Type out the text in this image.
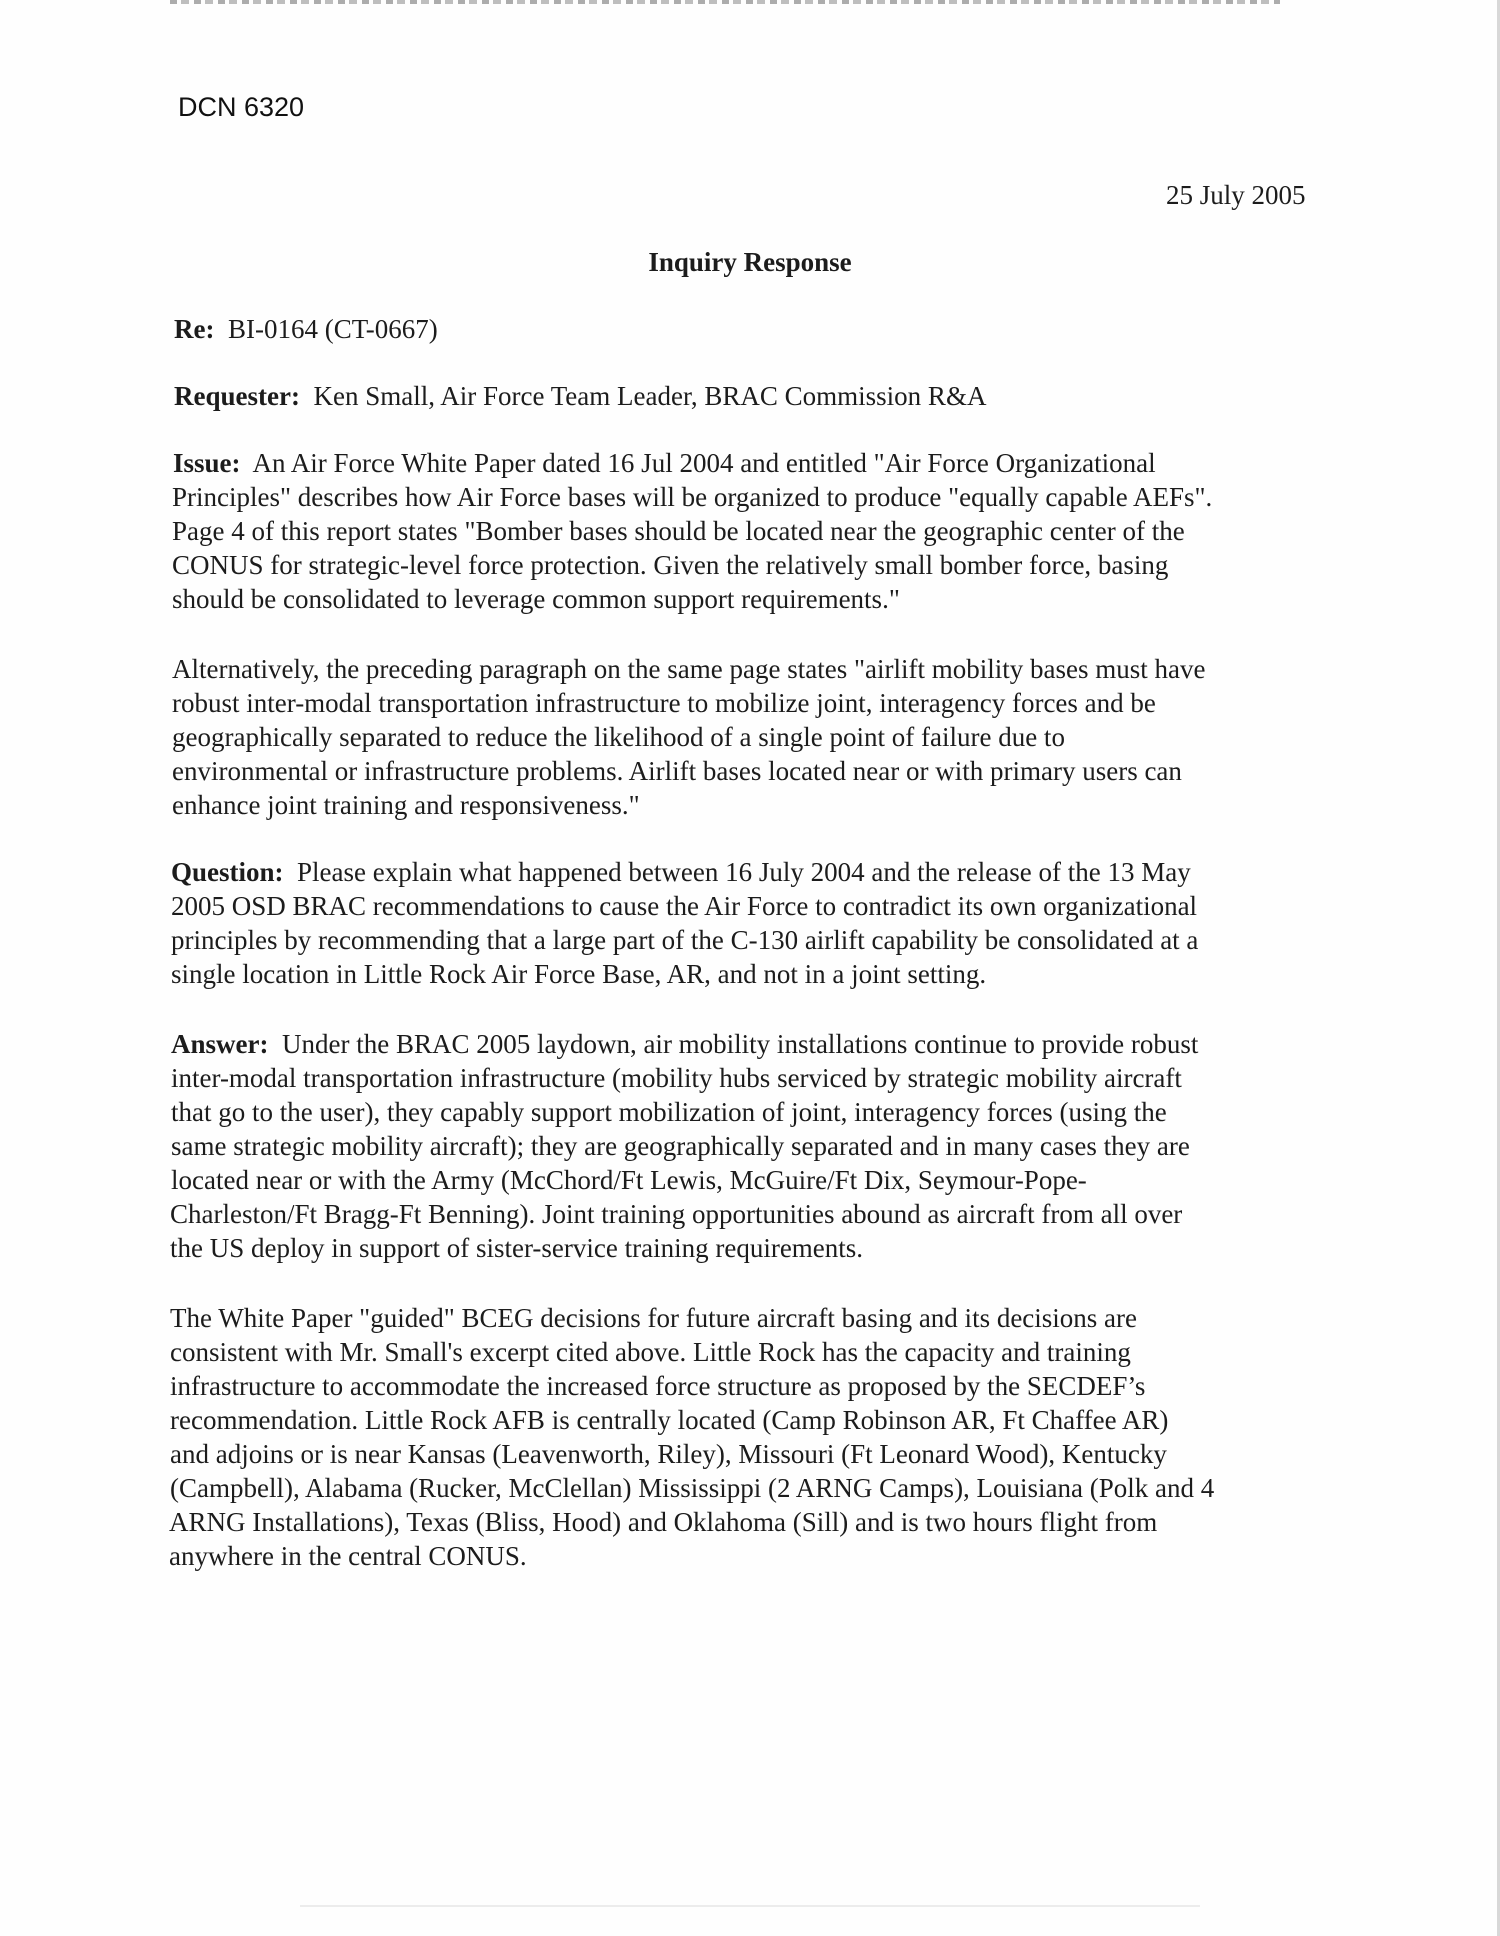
DCN 6320
25 July 2005
Inquiry Response
Re: BI-0164 (CT-0667)
Requester: Ken Small, Air Force Team Leader, BRAC Commission R&A
Issue: An Air Force White Paper dated 16 Jul 2004 and entitled "Air Force Organizational
Principles" describes how Air Force bases will be organized to produce "equally capable AEFs".
Page 4 of this report states "Bomber bases should be located near the geographic center of the
CONUS for strategic-level force protection. Given the relatively small bomber force, basing
should be consolidated to leverage common support requirements."
Alternatively, the preceding paragraph on the same page states "airlift mobility bases must have
robust inter-modal transportation infrastructure to mobilize joint, interagency forces and be
geographically separated to reduce the likelihood of a single point of failure due to
environmental or infrastructure problems. Airlift bases located near or with primary users can
enhance joint training and responsiveness."
Question: Please explain what happened between 16 July 2004 and the release of the 13 May
2005 OSD BRAC recommendations to cause the Air Force to contradict its own organizational
principles by recommending that a large part of the C-130 airlift capability be consolidated at a
single location in Little Rock Air Force Base, AR, and not in a joint setting.
Answer: Under the BRAC 2005 laydown, air mobility installations continue to provide robust
inter-modal transportation infrastructure (mobility hubs serviced by strategic mobility aircraft
that go to the user), they capably support mobilization of joint, interagency forces (using the
same strategic mobility aircraft); they are geographically separated and in many cases they are
located near or with the Army (McChord/Ft Lewis, McGuire/Ft Dix, Seymour-Pope-
Charleston/Ft Bragg-Ft Benning). Joint training opportunities abound as aircraft from all over
the US deploy in support of sister-service training requirements.
The White Paper "guided" BCEG decisions for future aircraft basing and its decisions are
consistent with Mr. Small's excerpt cited above. Little Rock has the capacity and training
infrastructure to accommodate the increased force structure as proposed by the SECDEF’s
recommendation. Little Rock AFB is centrally located (Camp Robinson AR, Ft Chaffee AR)
and adjoins or is near Kansas (Leavenworth, Riley), Missouri (Ft Leonard Wood), Kentucky
(Campbell), Alabama (Rucker, McClellan) Mississippi (2 ARNG Camps), Louisiana (Polk and 4
ARNG Installations), Texas (Bliss, Hood) and Oklahoma (Sill) and is two hours flight from
anywhere in the central CONUS.
